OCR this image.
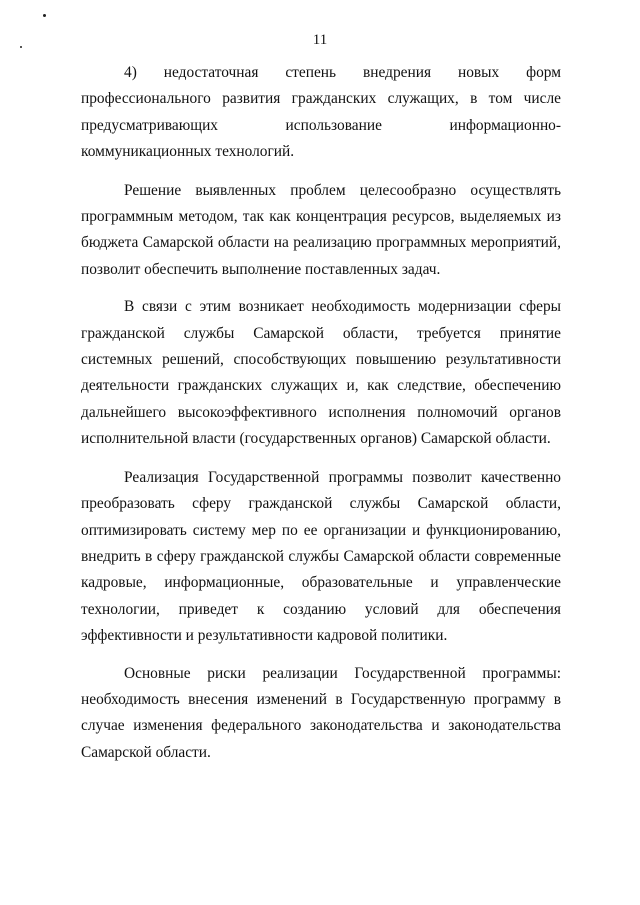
11

4) недостаточная степень внедрения новых форм профессионального развития гражданских служащих, в том числе предусматривающих использование информационно-коммуникационных технологий.

Решение выявленных проблем целесообразно осуществлять программным методом, так как концентрация ресурсов, выделяемых из бюджета Самарской области на реализацию программных мероприятий, позволит обеспечить выполнение поставленных задач.

В связи с этим возникает необходимость модернизации сферы гражданской службы Самарской области, требуется принятие системных решений, способствующих повышению результативности деятельности гражданских служащих и, как следствие, обеспечению дальнейшего высокоэффективного исполнения полномочий органов исполнительной власти (государственных органов) Самарской области.

Реализация Государственной программы позволит качественно преобразовать сферу гражданской службы Самарской области, оптимизировать систему мер по ее организации и функционированию, внедрить в сферу гражданской службы Самарской области современные кадровые, информационные, образовательные и управленческие технологии, приведет к созданию условий для обеспечения эффективности и результативности кадровой политики.

Основные риски реализации Государственной программы: необходимость внесения изменений в Государственную программу в случае изменения федерального законодательства и законодательства Самарской области.
